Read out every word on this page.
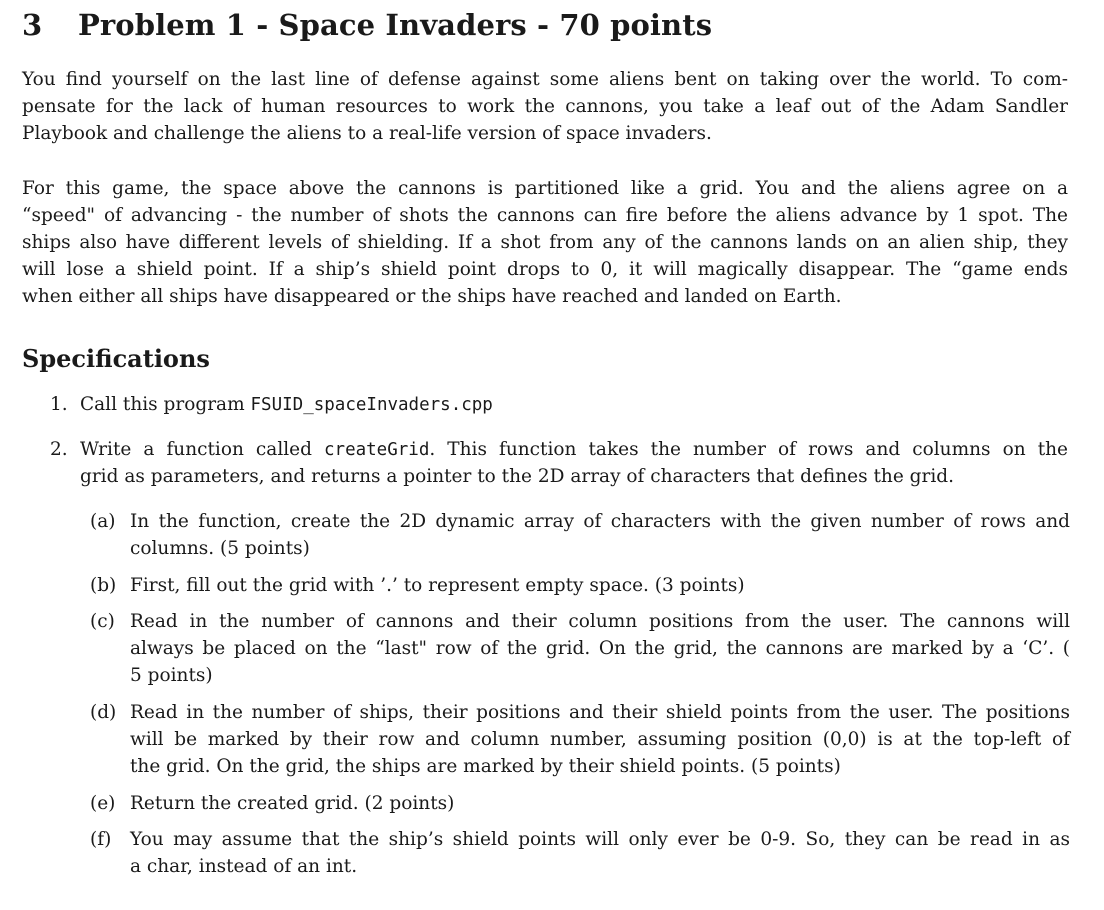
3	Problem 1 - Space Invaders - 70 points

You find yourself on the last line of defense against some aliens bent on taking over the world. To com-
pensate for the lack of human resources to work the cannons, you take a leaf out of the Adam Sandler
Playbook and challenge the aliens to a real-life version of space invaders.

For this game, the space above the cannons is partitioned like a grid. You and the aliens agree on a
“speed" of advancing - the number of shots the cannons can fire before the aliens advance by 1 spot. The
ships also have different levels of shielding. If a shot from any of the cannons lands on an alien ship, they
will lose a shield point. If a ship’s shield point drops to 0, it will magically disappear. The “game ends
when either all ships have disappeared or the ships have reached and landed on Earth.

Specifications
1. Call this program FSUID_spaceInvaders.cpp
2. Write a function called createGrid. This function takes the number of rows and columns on the
grid as parameters, and returns a pointer to the 2D array of characters that defines the grid.
(a) In the function, create the 2D dynamic array of characters with the given number of rows and
columns. (5 points)
(b) First, fill out the grid with ’.’ to represent empty space. (3 points)
(c) Read in the number of cannons and their column positions from the user. The cannons will
always be placed on the “last" row of the grid. On the grid, the cannons are marked by a ‘C’. (
5 points)
(d) Read in the number of ships, their positions and their shield points from the user. The positions
will be marked by their row and column number, assuming position (0,0) is at the top-left of
the grid. On the grid, the ships are marked by their shield points. (5 points)
(e) Return the created grid. (2 points)
(f) You may assume that the ship’s shield points will only ever be 0-9. So, they can be read in as
a char, instead of an int.
